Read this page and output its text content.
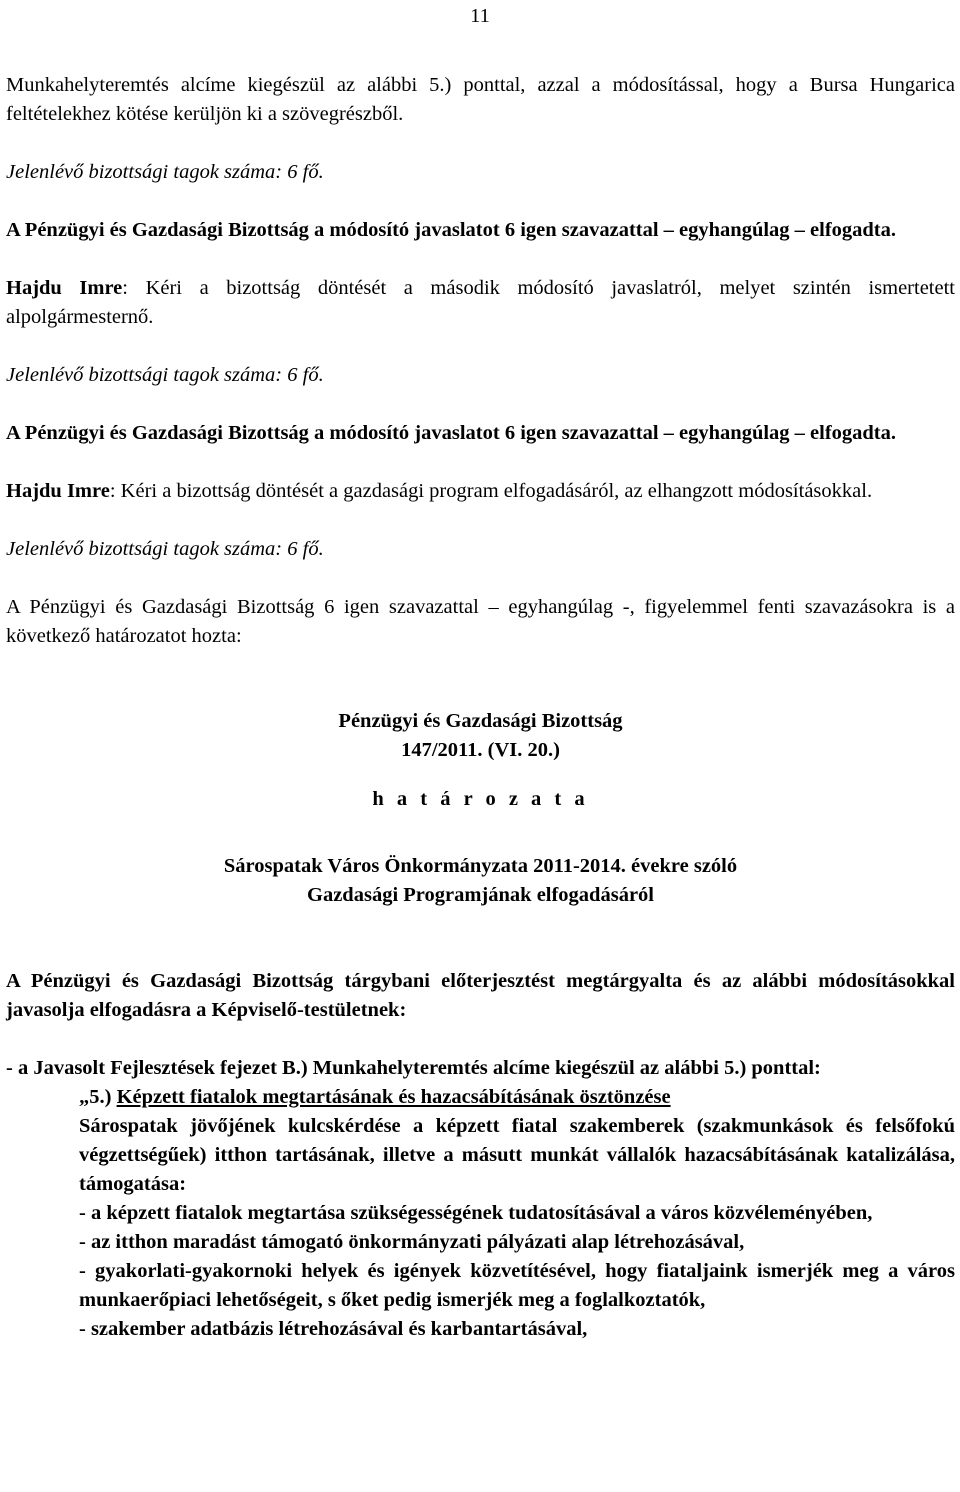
11

Munkahelyteremtés alcíme kiegészül az alábbi 5.) ponttal, azzal a módosítással, hogy a Bursa Hungarica feltételekhez kötése kerüljön ki a szövegrészből.

Jelenlévő bizottsági tagok száma: 6 fő.

A Pénzügyi és Gazdasági Bizottság a módosító javaslatot 6 igen szavazattal – egyhangúlag – elfogadta.

Hajdu Imre: Kéri a bizottság döntését a második módosító javaslatról, melyet szintén ismertetett alpolgármesternő.

Jelenlévő bizottsági tagok száma: 6 fő.

A Pénzügyi és Gazdasági Bizottság a módosító javaslatot 6 igen szavazattal – egyhangúlag – elfogadta.

Hajdu Imre: Kéri a bizottság döntését a gazdasági program elfogadásáról, az elhangzott módosításokkal.

Jelenlévő bizottsági tagok száma: 6 fő.

A Pénzügyi és Gazdasági Bizottság 6 igen szavazattal – egyhangúlag -, figyelemmel fenti szavazásokra is a következő határozatot hozta:

Pénzügyi és Gazdasági Bizottság

147/2011. (VI. 20.)

h a t á r o z a t a

Sárospatak Város Önkormányzata 2011-2014. évekre szóló

Gazdasági Programjának elfogadásáról

A Pénzügyi és Gazdasági Bizottság tárgybani előterjesztést megtárgyalta és az alábbi módosításokkal javasolja elfogadásra a Képviselő-testületnek:

- a Javasolt Fejlesztések fejezet B.) Munkahelyteremtés alcíme kiegészül az alábbi 5.) ponttal:

„5.) Képzett fiatalok megtartásának és hazacsábításának ösztönzése

Sárospatak jövőjének kulcskérdése a képzett fiatal szakemberek (szakmunkások és felsőfokú végzettségűek) itthon tartásának, illetve a másutt munkát vállalók hazacsábításának katalizálása, támogatása:

- a képzett fiatalok megtartása szükségességének tudatosításával a város közvéleményében,

- az itthon maradást támogató önkormányzati pályázati alap létrehozásával,

- gyakorlati-gyakornoki helyek és igények közvetítésével, hogy fiataljaink ismerjék meg a város munkaerőpiaci lehetőségeit, s őket pedig ismerjék meg a foglalkoztatók,

- szakember adatbázis létrehozásával és karbantartásával,
